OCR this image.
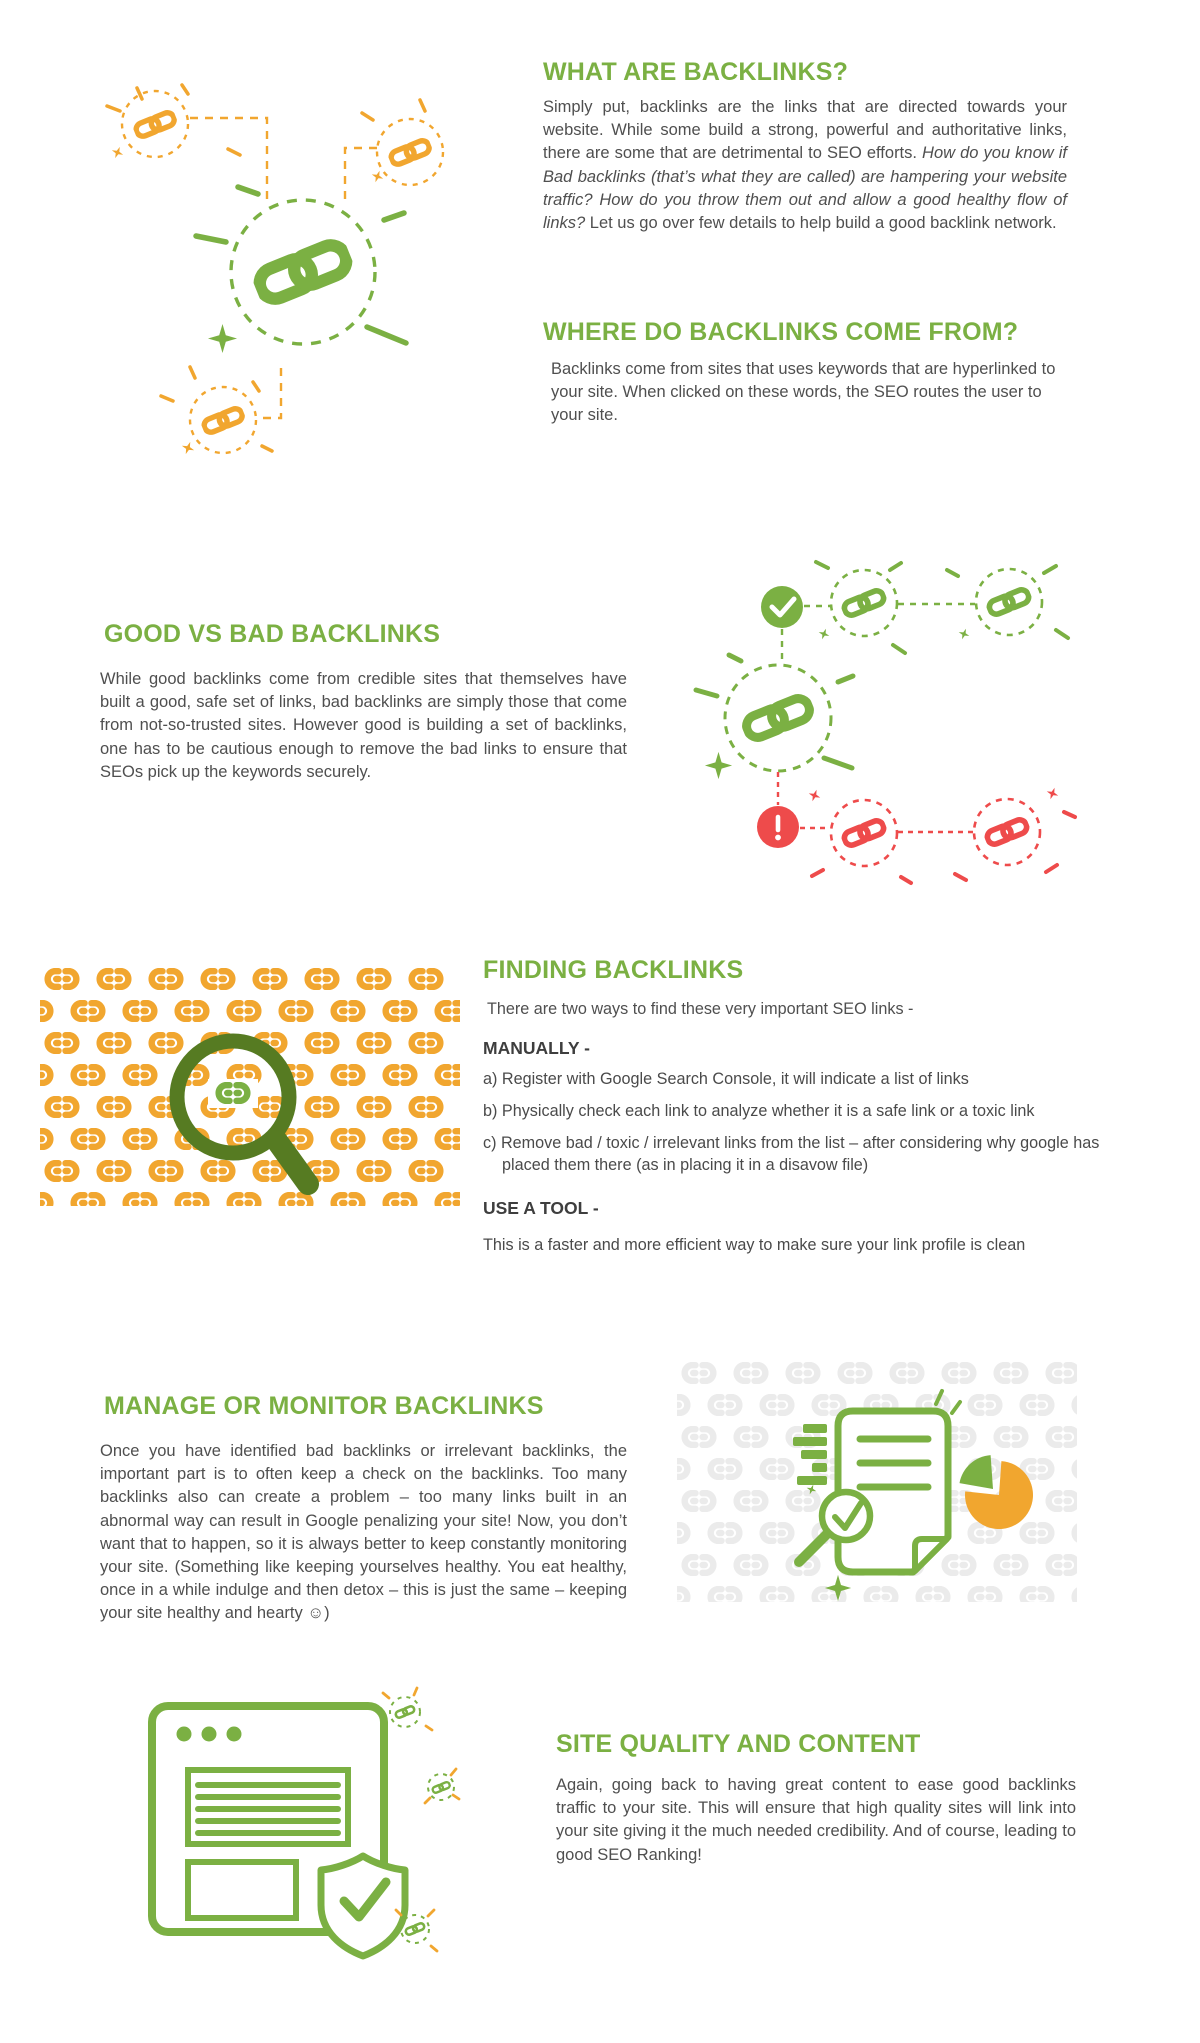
WHAT ARE BACKLINKS?

Simply put, backlinks are the links that are directed towards your website. While some build a strong, powerful and authoritative links, there are some that are detrimental to SEO efforts. How do you know if Bad backlinks (that’s what they are called) are hampering your website traffic? How do you throw them out and allow a good healthy flow of links? Let us go over few details to help build a good backlink network.

WHERE DO BACKLINKS COME FROM?

Backlinks come from sites that uses keywords that are hyperlinked to your site. When clicked on these words, the SEO routes the user to your site.

GOOD VS BAD BACKLINKS

While good backlinks come from credible sites that themselves have built a good, safe set of links, bad backlinks are simply those that come from not-so-trusted sites. However good is building a set of backlinks, one has to be cautious enough to remove the bad links to ensure that SEOs pick up the keywords securely.

FINDING BACKLINKS

There are two ways to find these very important SEO links -

MANUALLY -

a) Register with Google Search Console, it will indicate a list of links

b) Physically check each link to analyze whether it is a safe link or a toxic link

c) Remove bad / toxic / irrelevant links from the list – after considering why google has placed them there (as in placing it in a disavow file)

USE A TOOL -

This is a faster and more efficient way to make sure your link profile is clean

MANAGE OR MONITOR BACKLINKS

Once you have identified bad backlinks or irrelevant backlinks, the important part is to often keep a check on the backlinks. Too many backlinks also can create a problem – too many links built in an abnormal way can result in Google penalizing your site! Now, you don’t want that to happen, so it is always better to keep constantly monitoring your site. (Something like keeping yourselves healthy. You eat healthy, once in a while indulge and then detox – this is just the same – keeping your site healthy and hearty ☺)

SITE QUALITY AND CONTENT

Again, going back to having great content to ease good backlinks traffic to your site. This will ensure that high quality sites will link into your site giving it the much needed credibility. And of course, leading to good SEO Ranking!
